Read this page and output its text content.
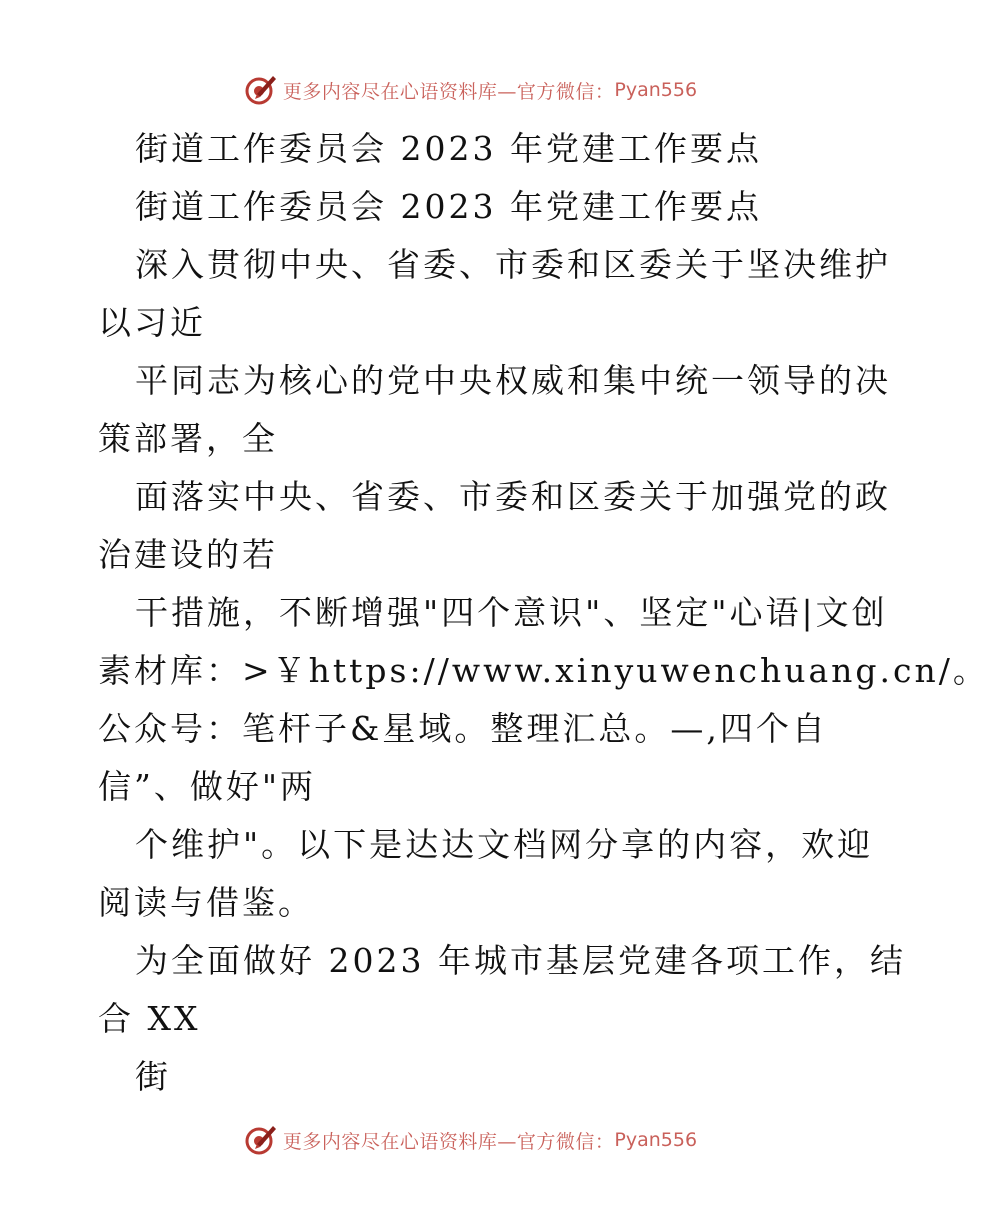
更多内容尽在心语资料库—官方微信： Pyan556
街道工作委员会 2023 年党建工作要点
街道工作委员会 2023 年党建工作要点
深入贯彻中央、省委、市委和区委关于坚决维护
以习近
平同志为核心的党中央权威和集中统一领导的决
策部署，全
面落实中央、省委、市委和区委关于加强党的政
治建设的若
干措施，不断增强"四个意识"、坚定"心语|文创
素材库：>￥https://www.xinyuwenchuang.cn/。
公众号：笔杆子&星域。整理汇总。—,四个自
信”、做好"两
个维护"。以下是达达文档网分享的内容，欢迎
阅读与借鉴。
为全面做好 2023 年城市基层党建各项工作，结
合 XX
街
更多内容尽在心语资料库—官方微信： Pyan556
